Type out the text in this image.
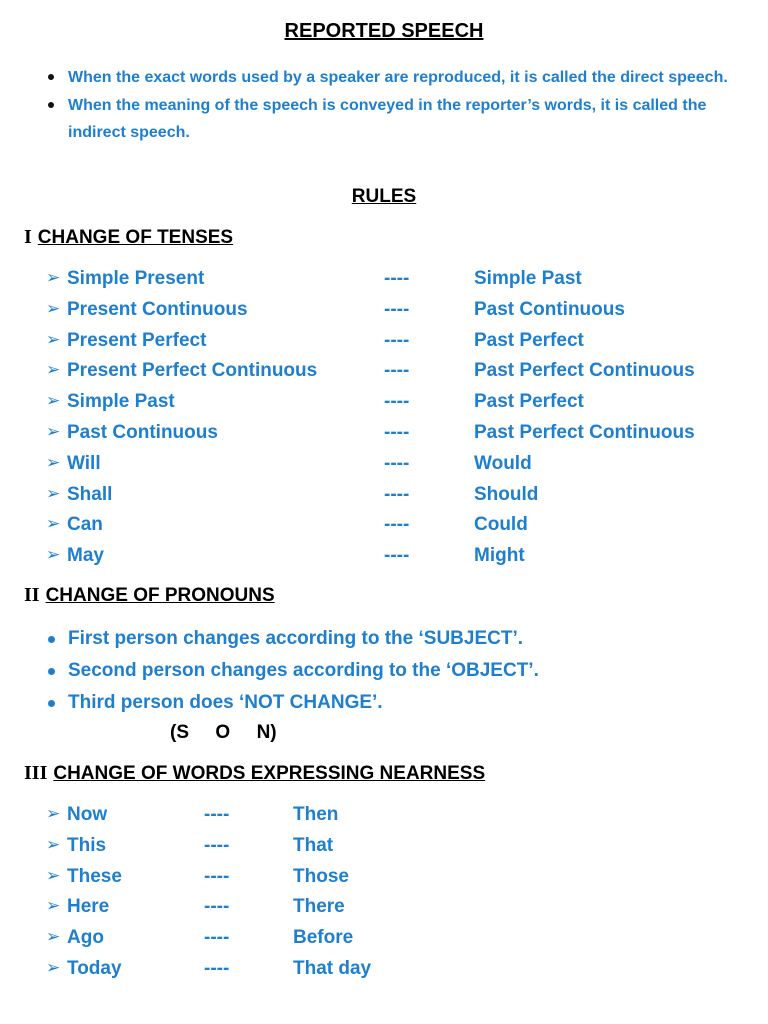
REPORTED SPEECH
When the exact words used by a speaker are reproduced, it is called the direct speech.
When the meaning of the speech is conveyed in the reporter’s words, it is called the indirect speech.
RULES
I CHANGE OF TENSES
➢ Simple Present	----	Simple Past
➢ Present Continuous	----	Past Continuous
➢ Present Perfect	----	Past Perfect
➢ Present Perfect Continuous	----	Past Perfect Continuous
➢ Simple Past	----	Past Perfect
➢ Past Continuous	----	Past Perfect Continuous
➢ Will	----	Would
➢ Shall	----	Should
➢ Can	----	Could
➢ May	----	Might
II CHANGE OF PRONOUNS
First person changes according to the ‘SUBJECT’.
Second person changes according to the ‘OBJECT’.
Third person does ‘NOT CHANGE’.
(S     O     N)
III CHANGE OF WORDS EXPRESSING NEARNESS
➢ Now	----	Then
➢ This	----	That
➢ These	----	Those
➢ Here	----	There
➢ Ago	----	Before
➢ Today	----	That day
